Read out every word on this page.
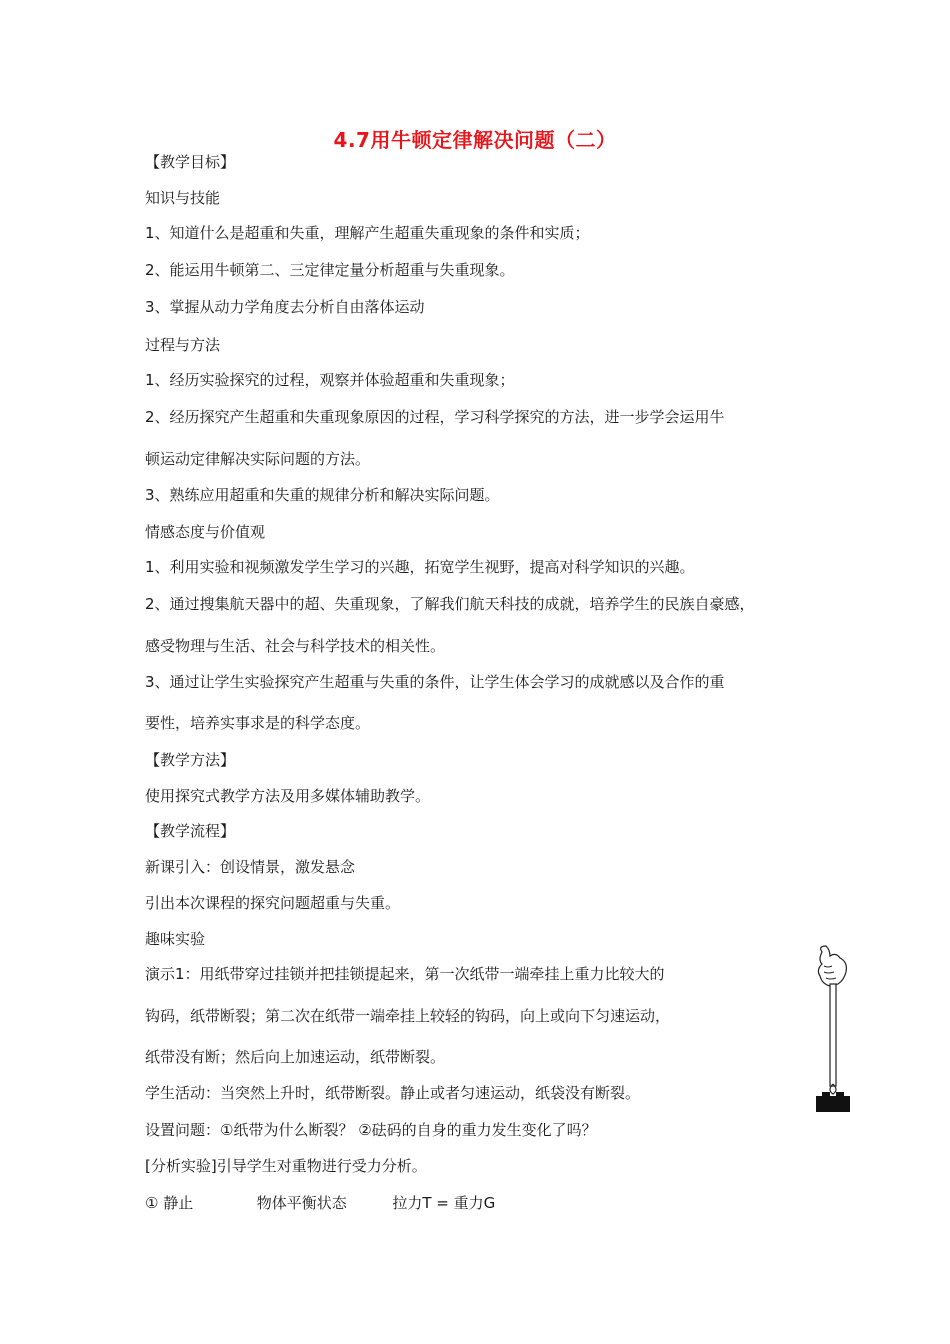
4.7用牛顿定律解决问题（二）
【教学目标】
知识与技能
1、知道什么是超重和失重，理解产生超重失重现象的条件和实质；
2、能运用牛顿第二、三定律定量分析超重与失重现象。
3、掌握从动力学角度去分析自由落体运动
过程与方法
1、经历实验探究的过程，观察并体验超重和失重现象；
2、经历探究产生超重和失重现象原因的过程，学习科学探究的方法，进一步学会运用牛
顿运动定律解决实际问题的方法。
3、熟练应用超重和失重的规律分析和解决实际问题。
情感态度与价值观
1、利用实验和视频激发学生学习的兴趣，拓宽学生视野，提高对科学知识的兴趣。
2、通过搜集航天器中的超、失重现象，了解我们航天科技的成就，培养学生的民族自豪感，
感受物理与生活、社会与科学技术的相关性。
3、通过让学生实验探究产生超重与失重的条件，让学生体会学习的成就感以及合作的重
要性，培养实事求是的科学态度。
【教学方法】
使用探究式教学方法及用多媒体辅助教学。
【教学流程】
新课引入：创设情景，激发悬念
引出本次课程的探究问题超重与失重。
趣味实验
演示1：用纸带穿过挂锁并把挂锁提起来，第一次纸带一端牵挂上重力比较大的
钩码，纸带断裂；第二次在纸带一端牵挂上较轻的钩码，向上或向下匀速运动，
纸带没有断；然后向上加速运动，纸带断裂。
学生活动：当突然上升时，纸带断裂。静止或者匀速运动，纸袋没有断裂。
设置问题：①纸带为什么断裂？ ②砝码的自身的重力发生变化了吗？
[分析实验]引导学生对重物进行受力分析。
① 静止	物体平衡状态	拉力T = 重力G
